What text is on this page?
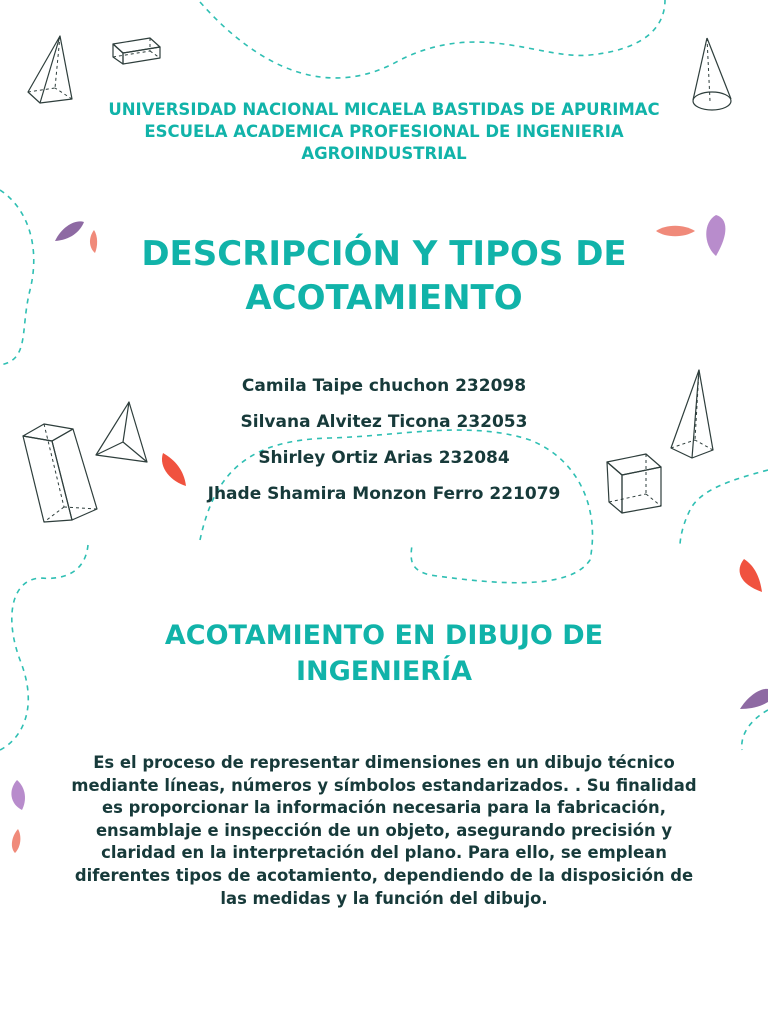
UNIVERSIDAD NACIONAL MICAELA BASTIDAS DE APURIMAC
ESCUELA ACADEMICA PROFESIONAL DE INGENIERIA
AGROINDUSTRIAL
DESCRIPCIÓN Y TIPOS DE
ACOTAMIENTO
Camila Taipe chuchon 232098
Silvana Alvitez Ticona 232053
Shirley Ortiz Arias 232084
Jhade Shamira Monzon Ferro 221079
ACOTAMIENTO EN DIBUJO DE
INGENIERÍA
Es el proceso de representar dimensiones en un dibujo técnico mediante líneas, números y símbolos estandarizados. . Su finalidad es proporcionar la información necesaria para la fabricación, ensamblaje e inspección de un objeto, asegurando precisión y claridad en la interpretación del plano. Para ello, se emplean diferentes tipos de acotamiento, dependiendo de la disposición de las medidas y la función del dibujo.
